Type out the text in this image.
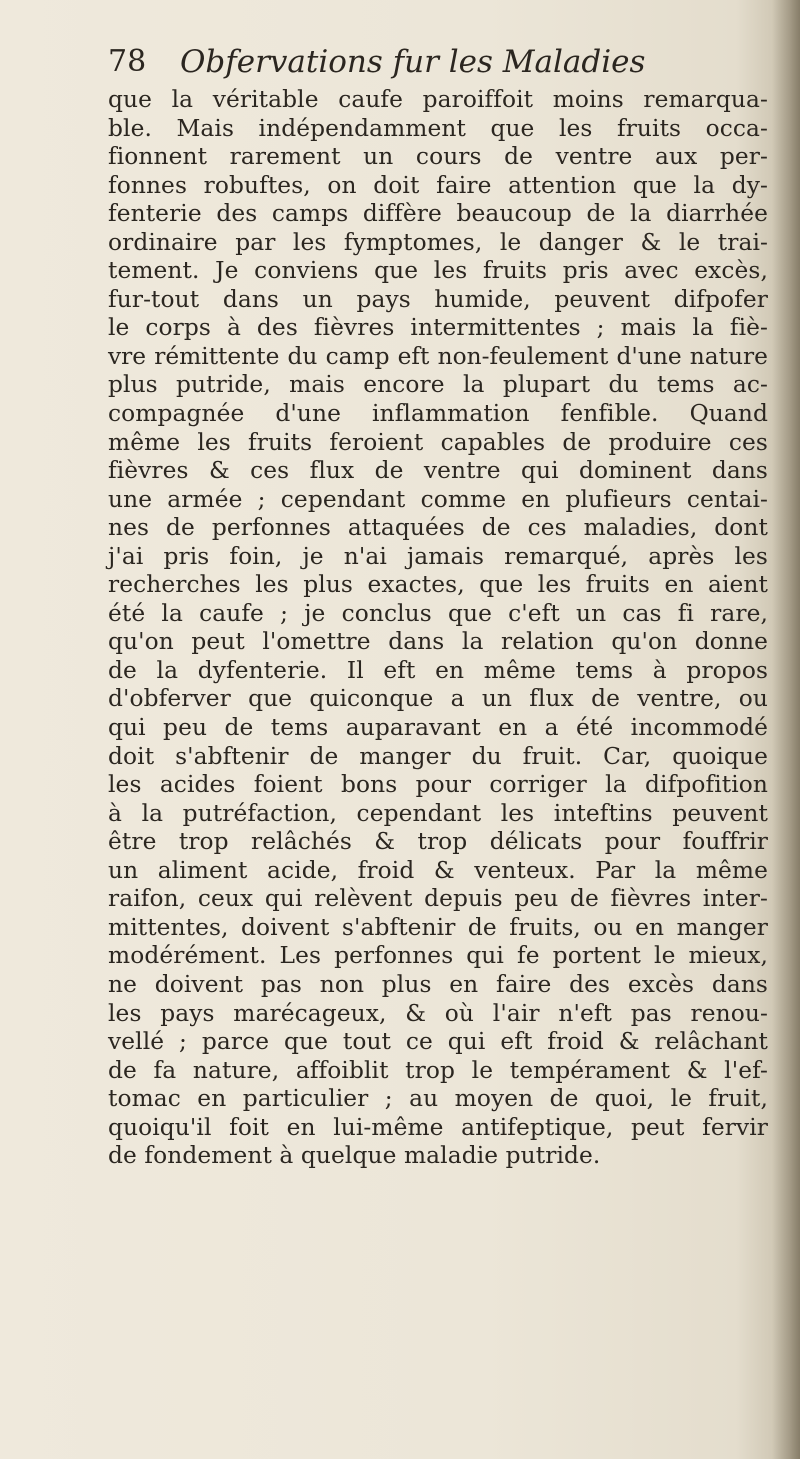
78 Obfervations fur les Maladies
que la véritable caufe paroiffoit moins remarqua-
ble. Mais indépendamment que les fruits occa-
fionnent rarement un cours de ventre aux per-
fonnes robuftes, on doit faire attention que la dy-
fenterie des camps diffère beaucoup de la diarrhée
ordinaire par les fymptomes, le danger & le trai-
tement. Je conviens que les fruits pris avec excès,
fur-tout dans un pays humide, peuvent difpofer
le corps à des fièvres intermittentes ; mais la fiè-
vre rémittente du camp eft non-feulement d'une nature
plus putride, mais encore la plupart du tems ac-
compagnée d'une inflammation fenfible. Quand
même les fruits feroient capables de produire ces
fièvres & ces flux de ventre qui dominent dans
une armée ; cependant comme en plufieurs centai-
nes de perfonnes attaquées de ces maladies, dont
j'ai pris foin, je n'ai jamais remarqué, après les
recherches les plus exactes, que les fruits en aient
été la caufe ; je conclus que c'eft un cas fi rare,
qu'on peut l'omettre dans la relation qu'on donne
de la dyfenterie. Il eft en même tems à propos
d'obferver que quiconque a un flux de ventre, ou
qui peu de tems auparavant en a été incommodé
doit s'abftenir de manger du fruit. Car, quoique
les acides foient bons pour corriger la difpofition
à la putréfaction, cependant les inteftins peuvent
être trop relâchés & trop délicats pour fouffrir
un aliment acide, froid & venteux. Par la même
raifon, ceux qui relèvent depuis peu de fièvres inter-
mittentes, doivent s'abftenir de fruits, ou en manger
modérément. Les perfonnes qui fe portent le mieux,
ne doivent pas non plus en faire des excès dans
les pays marécageux, & où l'air n'eft pas renou-
vellé ; parce que tout ce qui eft froid & relâchant
de fa nature, affoiblit trop le tempérament & l'ef-
tomac en particulier ; au moyen de quoi, le fruit,
quoiqu'il foit en lui-même antifeptique, peut fervir
de fondement à quelque maladie putride.
